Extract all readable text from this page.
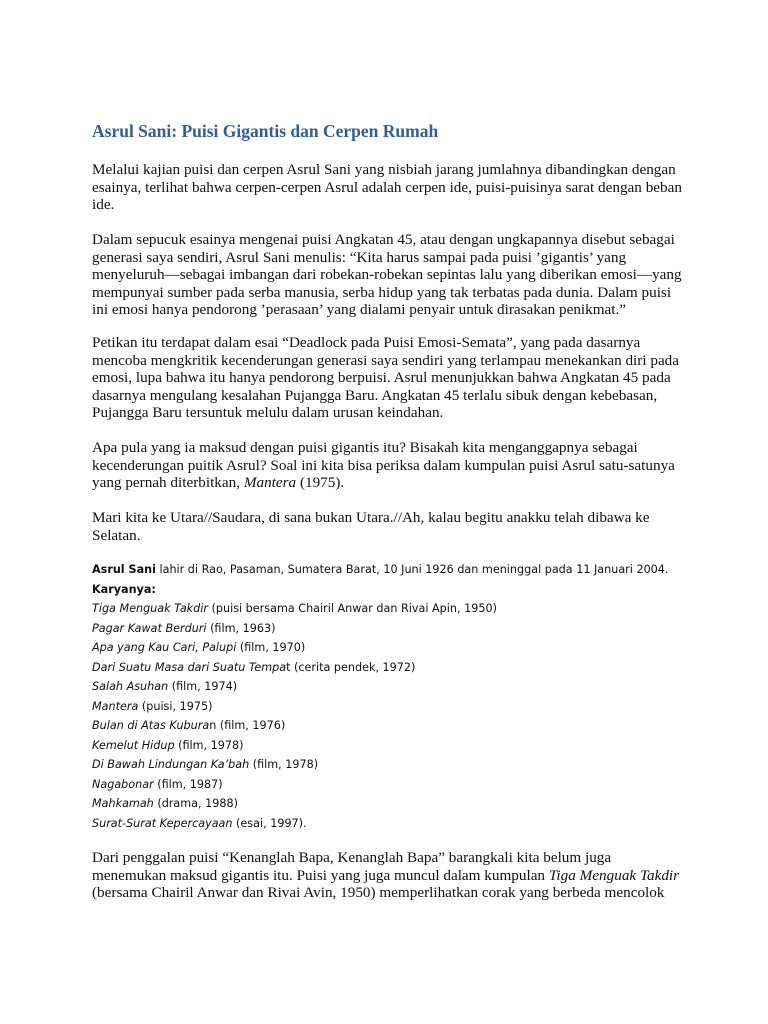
Asrul Sani: Puisi Gigantis dan Cerpen Rumah

Melalui kajian puisi dan cerpen Asrul Sani yang nisbiah jarang jumlahnya dibandingkan dengan
esainya, terlihat bahwa cerpen-cerpen Asrul adalah cerpen ide, puisi-puisinya sarat dengan beban
ide.

Dalam sepucuk esainya mengenai puisi Angkatan 45, atau dengan ungkapannya disebut sebagai
generasi saya sendiri, Asrul Sani menulis: “Kita harus sampai pada puisi ’gigantis’ yang
menyeluruh—sebagai imbangan dari robekan-robekan sepintas lalu yang diberikan emosi—yang
mempunyai sumber pada serba manusia, serba hidup yang tak terbatas pada dunia. Dalam puisi
ini emosi hanya pendorong ’perasaan’ yang dialami penyair untuk dirasakan penikmat.”

Petikan itu terdapat dalam esai “Deadlock pada Puisi Emosi-Semata”, yang pada dasarnya
mencoba mengkritik kecenderungan generasi saya sendiri yang terlampau menekankan diri pada
emosi, lupa bahwa itu hanya pendorong berpuisi. Asrul menunjukkan bahwa Angkatan 45 pada
dasarnya mengulang kesalahan Pujangga Baru. Angkatan 45 terlalu sibuk dengan kebebasan,
Pujangga Baru tersuntuk melulu dalam urusan keindahan.

Apa pula yang ia maksud dengan puisi gigantis itu? Bisakah kita menganggapnya sebagai
kecenderungan puitik Asrul? Soal ini kita bisa periksa dalam kumpulan puisi Asrul satu-satunya
yang pernah diterbitkan, Mantera (1975).

Mari kita ke Utara//Saudara, di sana bukan Utara.//Ah, kalau begitu anakku telah dibawa ke
Selatan.

Asrul Sani lahir di Rao, Pasaman, Sumatera Barat, 10 Juni 1926 dan meninggal pada 11 Januari 2004.
Karyanya:
Tiga Menguak Takdir (puisi bersama Chairil Anwar dan Rivai Apin, 1950)
Pagar Kawat Berduri (film, 1963)
Apa yang Kau Cari, Palupi (film, 1970)
Dari Suatu Masa dari Suatu Tempat (cerita pendek, 1972)
Salah Asuhan (film, 1974)
Mantera (puisi, 1975)
Bulan di Atas Kuburan (film, 1976)
Kemelut Hidup (film, 1978)
Di Bawah Lindungan Ka’bah (film, 1978)
Nagabonar (film, 1987)
Mahkamah (drama, 1988)
Surat-Surat Kepercayaan (esai, 1997).

Dari penggalan puisi “Kenanglah Bapa, Kenanglah Bapa” barangkali kita belum juga
menemukan maksud gigantis itu. Puisi yang juga muncul dalam kumpulan Tiga Menguak Takdir
(bersama Chairil Anwar dan Rivai Avin, 1950) memperlihatkan corak yang berbeda mencolok
